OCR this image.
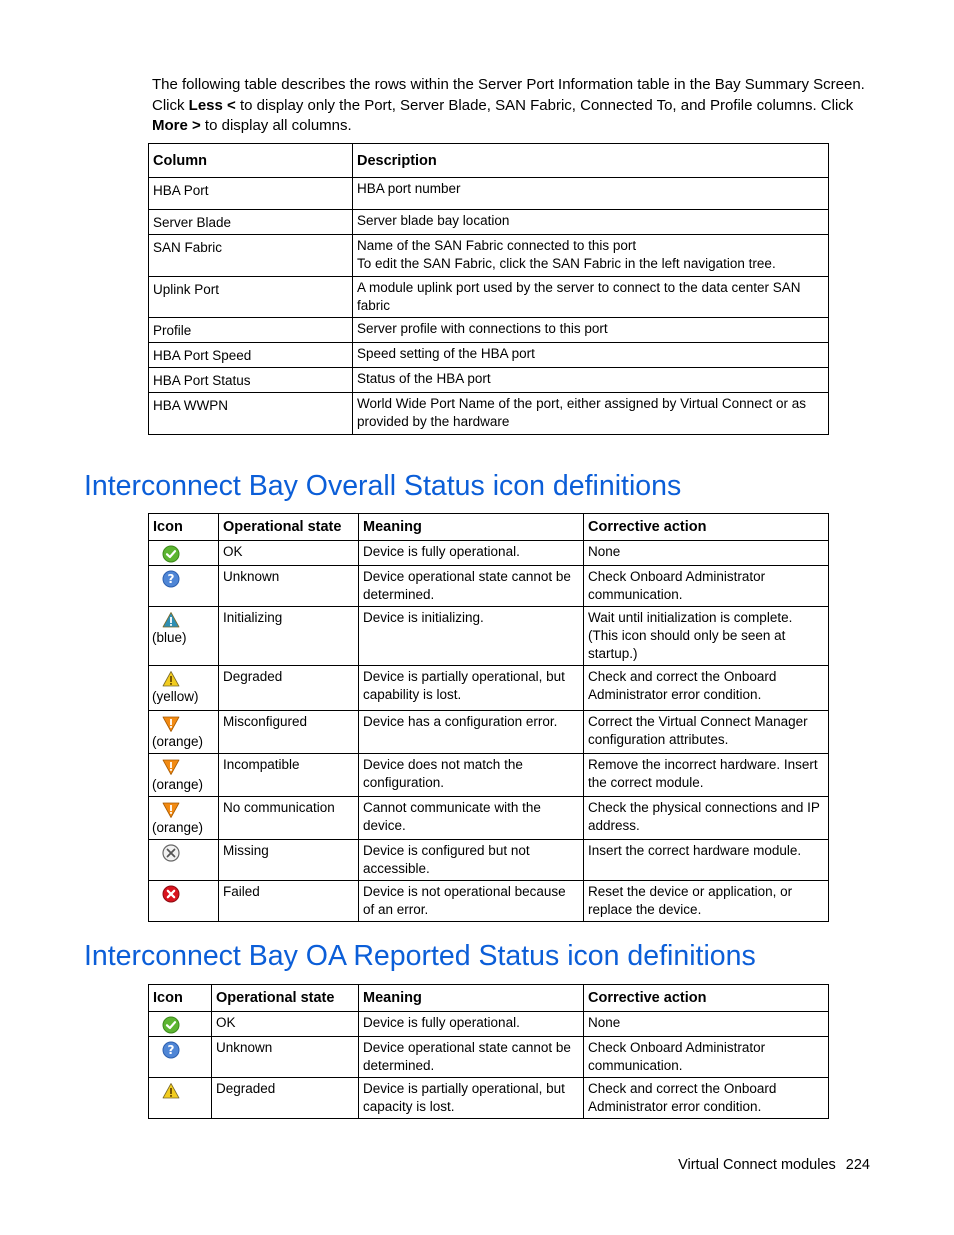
The following table describes the rows within the Server Port Information table in the Bay Summary Screen. Click Less < to display only the Port, Server Blade, SAN Fabric, Connected To, and Profile columns. Click More > to display all columns.
Column	Description
HBA Port	HBA port number

Server Blade	Server blade bay location

SAN Fabric	Name of the SAN Fabric connected to this port
To edit the SAN Fabric, click the SAN Fabric in the left navigation tree.

Uplink Port	A module uplink port used by the server to connect to the data center SAN fabric

Profile	Server profile with connections to this port

HBA Port Speed	Speed setting of the HBA port

HBA Port Status	Status of the HBA port

HBA WWPN	World Wide Port Name of the port, either assigned by Virtual Connect or as provided by the hardware
Interconnect Bay Overall Status icon definitions
Icon	Operational state	Meaning	Corrective action

	OK	Device is fully operational.	None

?	Unknown	Device operational state cannot be determined.	Check Onboard Administrator communication.

(blue)	Initializing	Device is initializing.	Wait until initialization is complete. (This icon should only be seen at startup.)

(yellow)	Degraded	Device is partially operational, but capability is lost.	Check and correct the Onboard Administrator error condition.

(orange)	Misconfigured	Device has a configuration error.	Correct the Virtual Connect Manager configuration attributes.

(orange)	Incompatible	Device does not match the configuration.	Remove the incorrect hardware. Insert the correct module.

(orange)	No communication	Cannot communicate with the device.	Check the physical connections and IP address.

	Missing	Device is configured but not accessible.	Insert the correct hardware module.

	Failed	Device is not operational because of an error.	Reset the device or application, or replace the device.
Interconnect Bay OA Reported Status icon definitions
Icon	Operational state	Meaning	Corrective action

	OK	Device is fully operational.	None

?	Unknown	Device operational state cannot be determined.	Check Onboard Administrator communication.

	Degraded	Device is partially operational, but capacity is lost.	Check and correct the Onboard Administrator error condition.
Virtual Connect modules 224
